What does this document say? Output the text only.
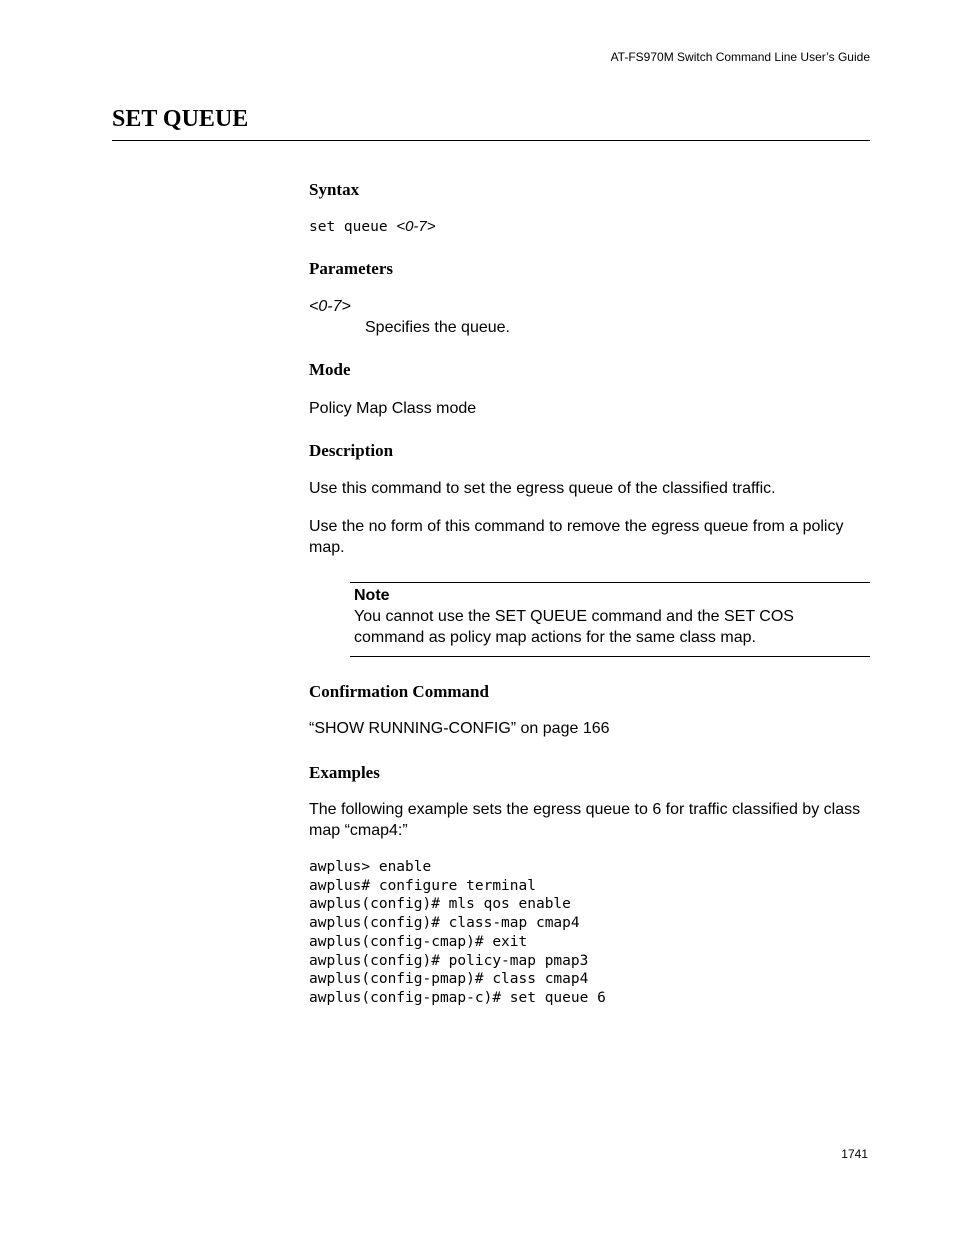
AT-FS970M Switch Command Line User’s Guide
SET QUEUE
Syntax
set queue <0-7>
Parameters
<0-7>
Specifies the queue.
Mode
Policy Map Class mode
Description
Use this command to set the egress queue of the classified traffic.
Use the no form of this command to remove the egress queue from a policy map.
Note
You cannot use the SET QUEUE command and the SET COS command as policy map actions for the same class map.
Confirmation Command
“SHOW RUNNING-CONFIG” on page 166
Examples
The following example sets the egress queue to 6 for traffic classified by class map “cmap4:”
awplus> enable
awplus# configure terminal
awplus(config)# mls qos enable
awplus(config)# class-map cmap4
awplus(config-cmap)# exit
awplus(config)# policy-map pmap3
awplus(config-pmap)# class cmap4
awplus(config-pmap-c)# set queue 6
1741
